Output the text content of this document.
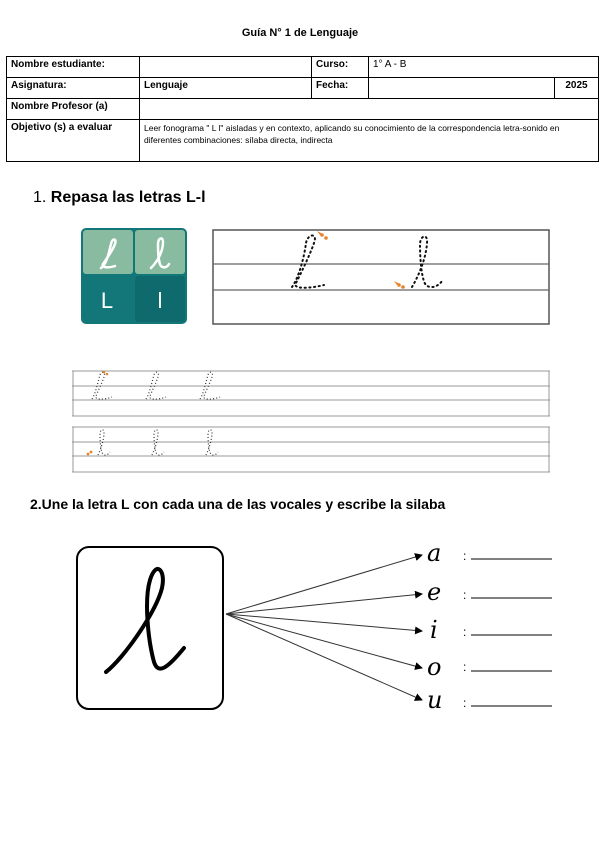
Guía N° 1 de Lenguaje
Nombre estudiante:		Curso:	1° A - B	
Asignatura:	Lenguaje	Fecha:		2025
Nombre Profesor (a)				
Objetivo (s) a evaluar	Leer fonograma " L l" aisladas y en contexto, aplicando su conocimiento de la correspondencia letra-sonido en diferentes combinaciones: sílaba directa, indirecta			
1. Repasa las letras L-l
L l
2.Une la letra L con cada una de las vocales y escribe la silaba
a
e
i
o
u
:
:
:
:
:
